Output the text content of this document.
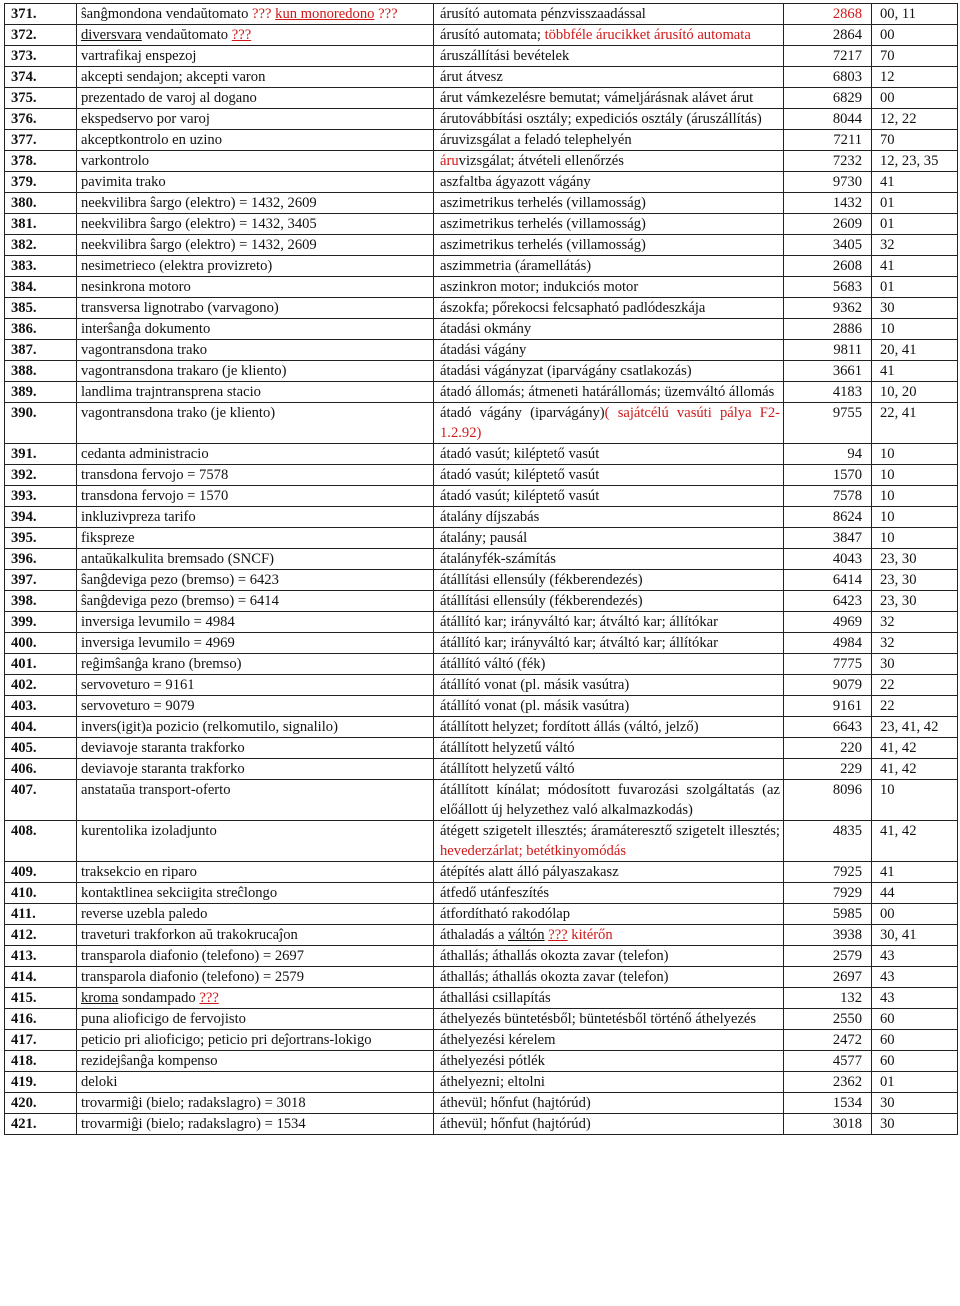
371.	ŝanĝmondona vendaŭtomato ??? kun monoredono ???	árusító automata pénzvisszaadással	2868	00, 11
372.	diversvara vendaŭtomato ???	árusító automata; többféle árucikket árusító automata	2864	00
373.	vartrafikaj enspezoj	áruszállítási bevételek	7217	70
374.	akcepti sendajon; akcepti varon	árut átvesz	6803	12
375.	prezentado de varoj al dogano	árut vámkezelésre bemutat; vámeljárásnak alávet árut	6829	00
376.	ekspedservo por varoj	árutovábbítási osztály; expediciós osztály (áruszállítás)	8044	12, 22
377.	akceptkontrolo en uzino	áruvizsgálat a feladó telephelyén	7211	70
378.	varkontrolo	áruvizsgálat; átvételi ellenőrzés	7232	12, 23, 35
379.	pavimita trako	aszfaltba ágyazott vágány	9730	41
380.	neekvilibra ŝargo (elektro) = 1432, 2609	aszimetrikus terhelés (villamosság)	1432	01
381.	neekvilibra ŝargo (elektro) = 1432, 3405	aszimetrikus terhelés (villamosság)	2609	01
382.	neekvilibra ŝargo (elektro) = 1432, 2609	aszimetrikus terhelés (villamosság)	3405	32
383.	nesimetrieco (elektra provizreto)	aszimmetria (áramellátás)	2608	41
384.	nesinkrona motoro	aszinkron motor; indukciós motor	5683	01
385.	transversa lignotrabo (varvagono)	ászokfa; pőrekocsi felcsapható padlódeszkája	9362	30
386.	interŝanĝa dokumento	átadási okmány	2886	10
387.	vagontransdona trako	átadási vágány	9811	20, 41
388.	vagontransdona trakaro (je kliento)	átadási vágányzat (iparvágány csatlakozás)	3661	41
389.	landlima trajntransprena stacio	átadó állomás; átmeneti határállomás; üzemváltó állomás	4183	10, 20
390.	vagontransdona trako (je kliento)	átadó vágány (iparvágány)( sajátcélú vasúti pálya F2-1.2.92)	9755	22, 41
391.	cedanta administracio	átadó vasút; kiléptető vasút	94	10
392.	transdona fervojo = 7578	átadó vasút; kiléptető vasút	1570	10
393.	transdona fervojo = 1570	átadó vasút; kiléptető vasút	7578	10
394.	inkluzivpreza tarifo	átalány díjszabás	8624	10
395.	fikspreze	átalány; pausál	3847	10
396.	antaŭkalkulita bremsado (SNCF)	átalányfék-számítás	4043	23, 30
397.	ŝanĝdeviga pezo (bremso) = 6423	átállítási ellensúly (fékberendezés)	6414	23, 30
398.	ŝanĝdeviga pezo (bremso) = 6414	átállítási ellensúly (fékberendezés)	6423	23, 30
399.	inversiga levumilo = 4984	átállító kar; irányváltó kar; átváltó kar; állítókar	4969	32
400.	inversiga levumilo = 4969	átállító kar; irányváltó kar; átváltó kar; állítókar	4984	32
401.	reĝimŝanĝa krano (bremso)	átállító váltó (fék)	7775	30
402.	servoveturo = 9161	átállító vonat (pl. másik vasútra)	9079	22
403.	servoveturo = 9079	átállító vonat (pl. másik vasútra)	9161	22
404.	invers(igit)a pozicio (relkomutilo, signalilo)	átállított helyzet; fordított állás (váltó, jelző)	6643	23, 41, 42
405.	deviavoje staranta trakforko	átállított helyzetű váltó	220	41, 42
406.	deviavoje staranta trakforko	átállított helyzetű váltó	229	41, 42
407.	anstataŭa transport-oferto	átállított kínálat; módosított fuvarozási szolgáltatás (az előállott új helyzethez való alkalmazkodás)	8096	10
408.	kurentolika izoladjunto	átégett szigetelt illesztés; áramáteresztő szigetelt illesztés; hevederzárlat; betétkinyomódás	4835	41, 42
409.	traksekcio en riparo	átépítés alatt álló pályaszakasz	7925	41
410.	kontaktlinea sekciigita streĉlongo	átfedő utánfeszítés	7929	44
411.	reverse uzebla paledo	átfordítható rakodólap	5985	00
412.	traveturi trakforkon aŭ trakokrucaĵon	áthaladás a váltón ??? kitérőn	3938	30, 41
413.	transparola diafonio (telefono) = 2697	áthallás; áthallás okozta zavar (telefon)	2579	43
414.	transparola diafonio (telefono) = 2579	áthallás; áthallás okozta zavar (telefon)	2697	43
415.	kroma sondampado ???	áthallási csillapítás	132	43
416.	puna alioficigo de fervojisto	áthelyezés büntetésből; büntetésből történő áthelyezés	2550	60
417.	peticio pri alioficigo; peticio pri deĵortrans-lokigo	áthelyezési kérelem	2472	60
418.	rezidejŝanĝa kompenso	áthelyezési pótlék	4577	60
419.	deloki	áthelyezni; eltolni	2362	01
420.	trovarmiĝi (bielo; radakslagro) = 3018	áthevül; hőnfut (hajtórúd)	1534	30
421.	trovarmiĝi (bielo; radakslagro) = 1534	áthevül; hőnfut (hajtórúd)	3018	30
